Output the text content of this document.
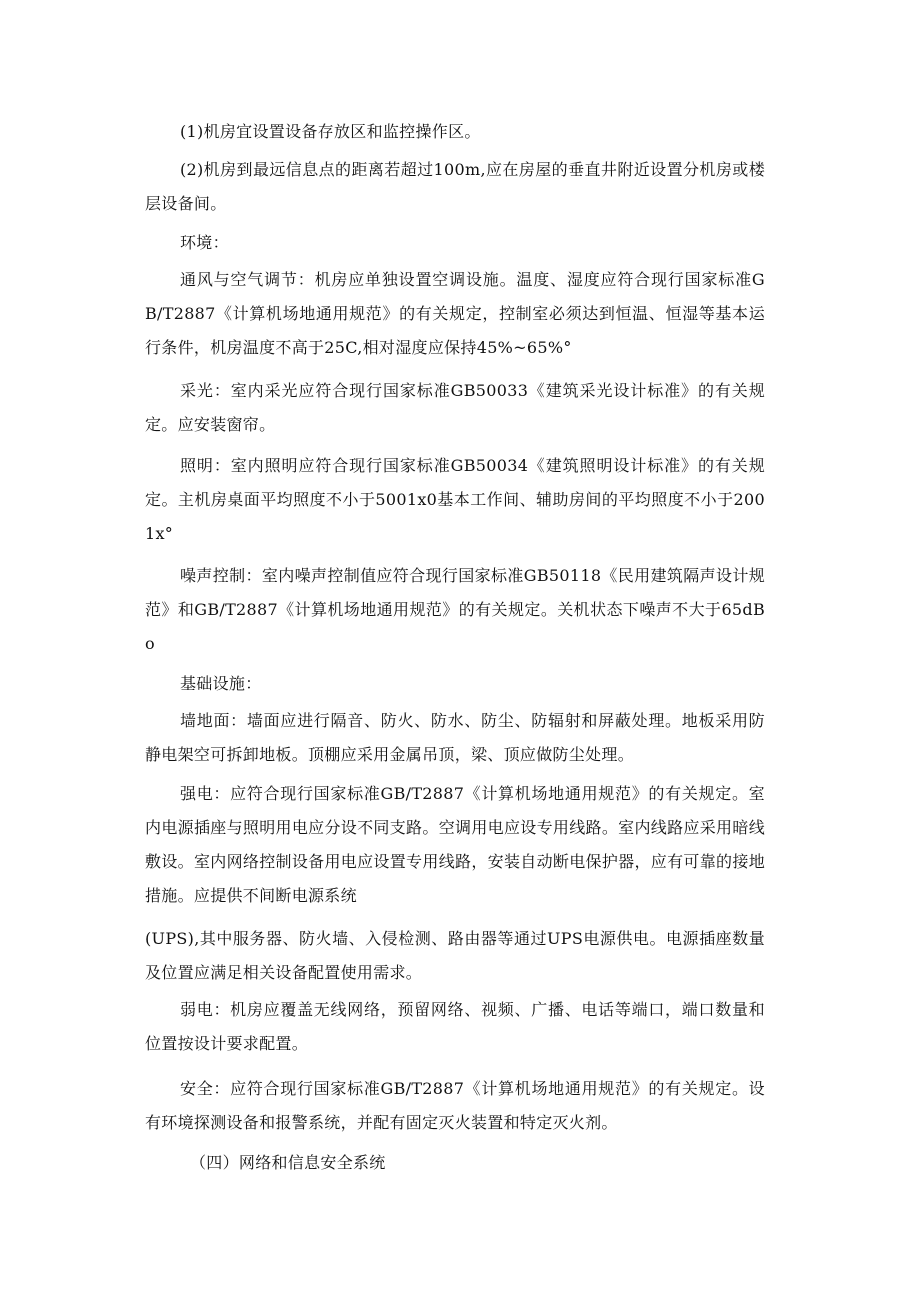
(1)机房宜设置设备存放区和监控操作区。

(2)机房到最远信息点的距离若超过100m,应在房屋的垂直井附近设置分机房或楼层设备间。

环境：

通风与空气调节：机房应单独设置空调设施。温度、湿度应符合现行国家标准GB/T2887《计算机场地通用规范》的有关规定，控制室必须达到恒温、恒湿等基本运行条件，机房温度不高于25C,相对湿度应保持45%~65%°

采光：室内采光应符合现行国家标准GB50033《建筑采光设计标准》的有关规定。应安装窗帘。

照明：室内照明应符合现行国家标准GB50034《建筑照明设计标准》的有关规定。主机房桌面平均照度不小于5001x0基本工作间、辅助房间的平均照度不小于2001x°

噪声控制：室内噪声控制值应符合现行国家标准GB50118《民用建筑隔声设计规范》和GB/T2887《计算机场地通用规范》的有关规定。关机状态下噪声不大于65dBo

基础设施：

墙地面：墙面应进行隔音、防火、防水、防尘、防辐射和屏蔽处理。地板采用防静电架空可拆卸地板。顶棚应采用金属吊顶，梁、顶应做防尘处理。

强电：应符合现行国家标准GB/T2887《计算机场地通用规范》的有关规定。室内电源插座与照明用电应分设不同支路。空调用电应设专用线路。室内线路应采用暗线敷设。室内网络控制设备用电应设置专用线路，安装自动断电保护器，应有可靠的接地措施。应提供不间断电源系统

(UPS),其中服务器、防火墙、入侵检测、路由器等通过UPS电源供电。电源插座数量及位置应满足相关设备配置使用需求。

弱电：机房应覆盖无线网络，预留网络、视频、广播、电话等端口，端口数量和位置按设计要求配置。

安全：应符合现行国家标准GB/T2887《计算机场地通用规范》的有关规定。设有环境探测设备和报警系统，并配有固定灭火装置和特定灭火剂。

（四）网络和信息安全系统
